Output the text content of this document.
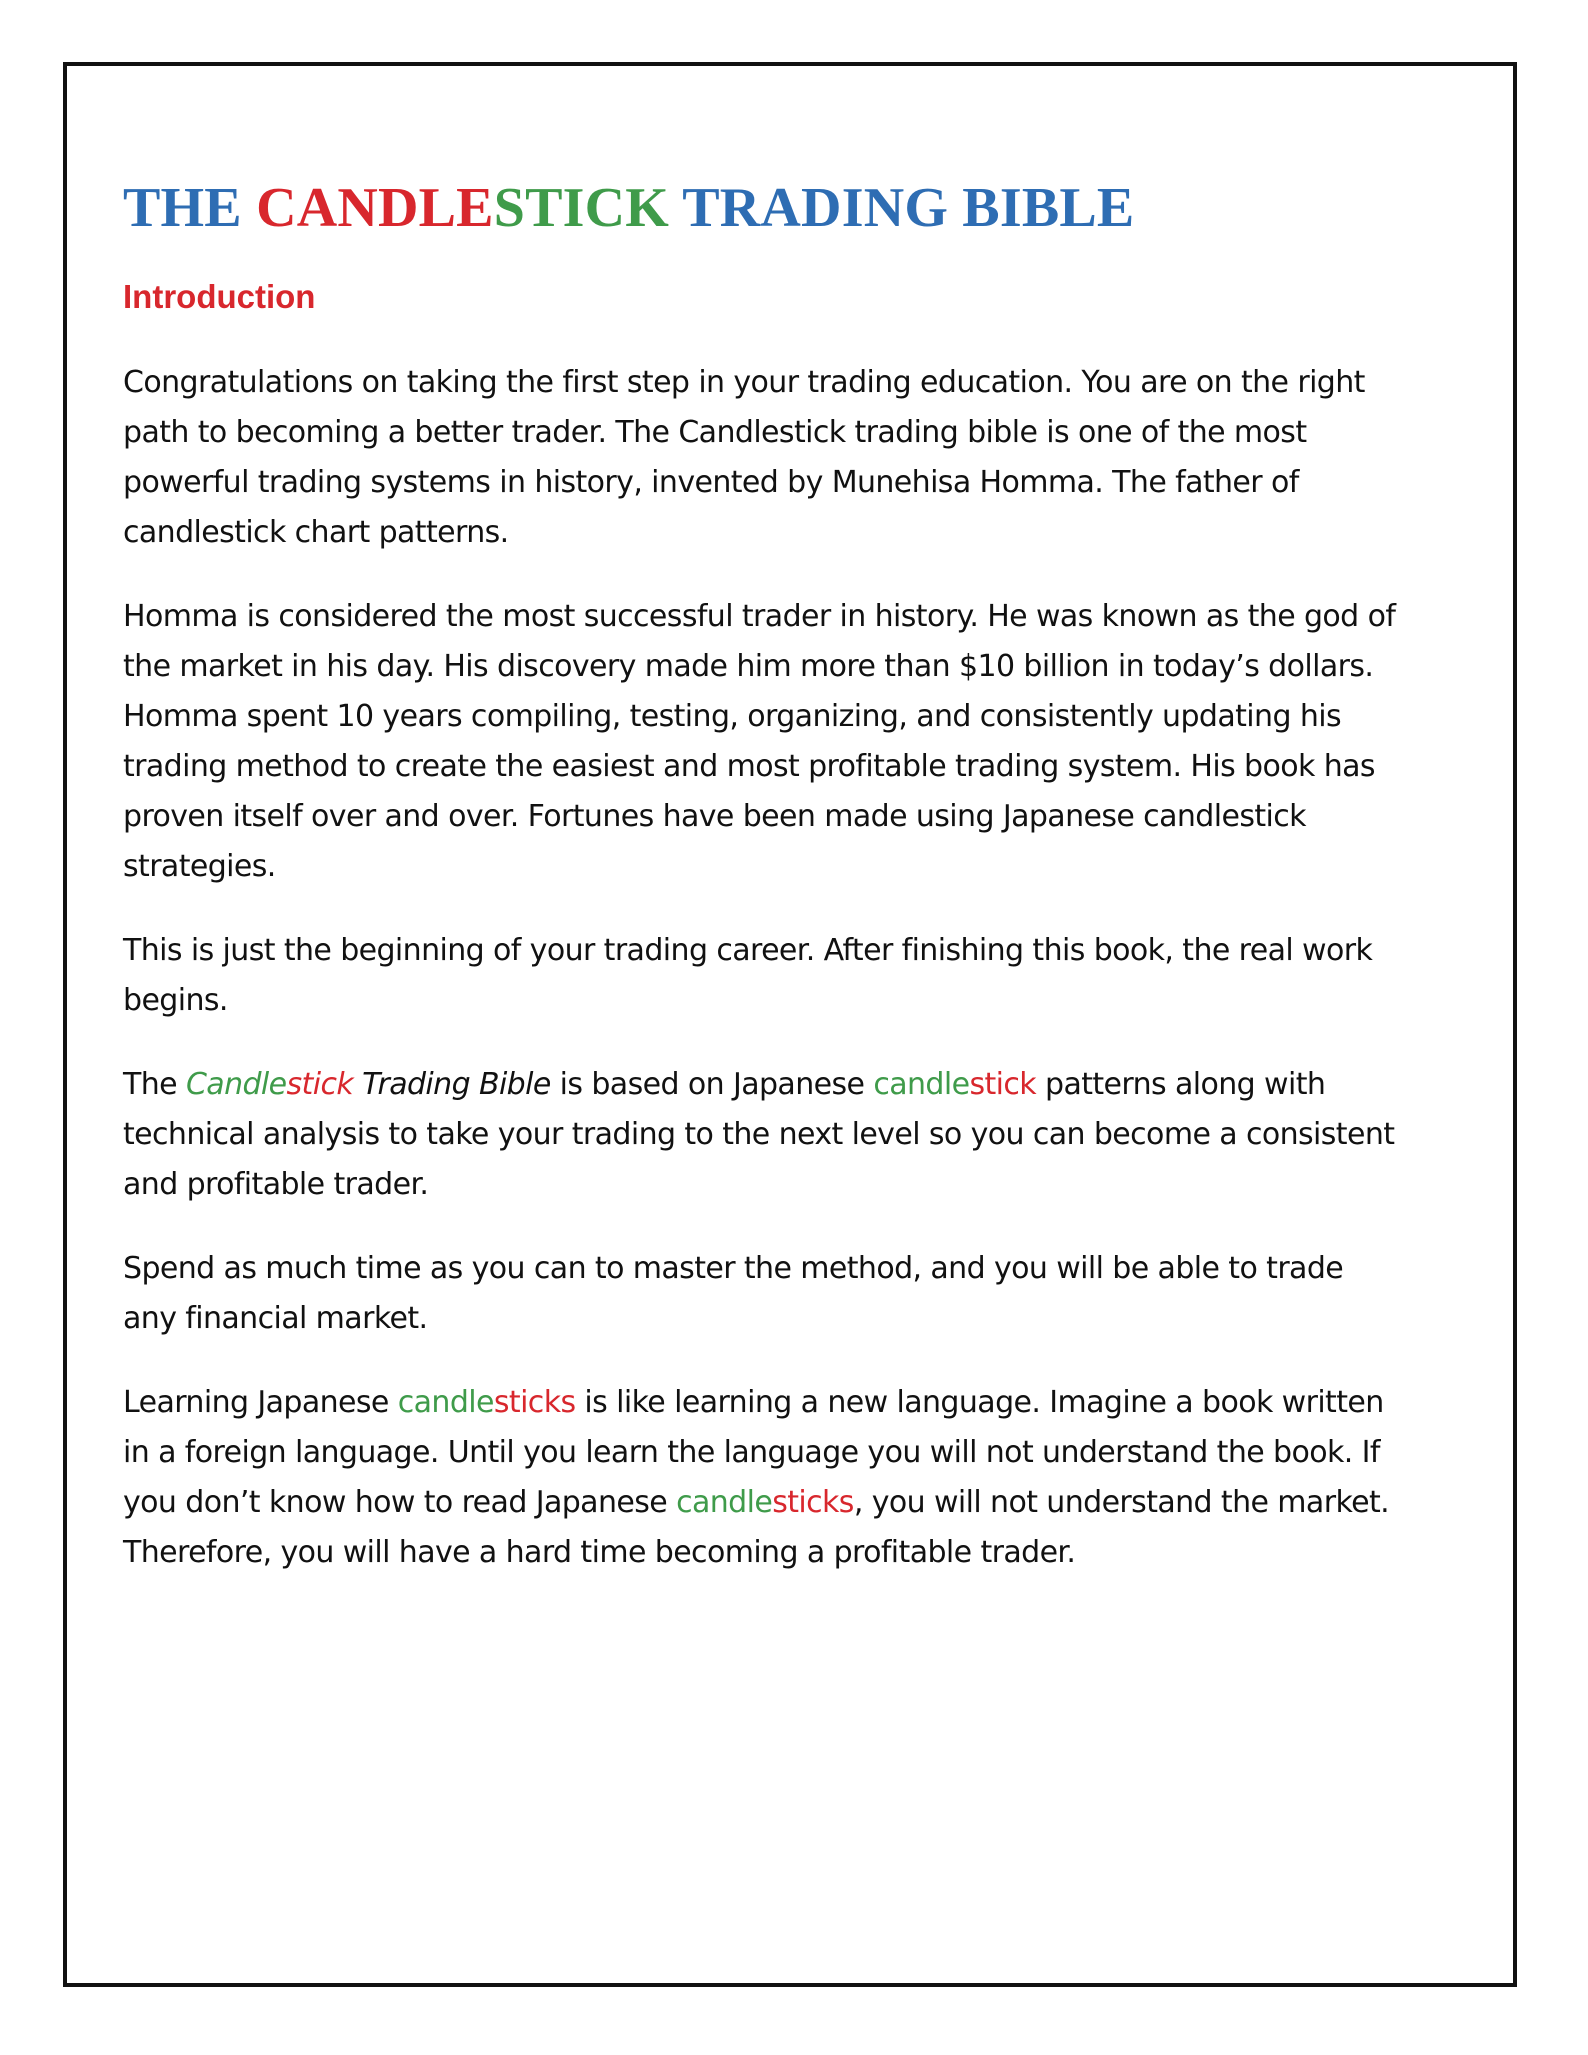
THE CANDLESTICK TRADING BIBLE
Introduction

Congratulations on taking the first step in your trading education. You are on the right path to becoming a better trader. The Candlestick trading bible is one of the most powerful trading systems in history, invented by Munehisa Homma. The father of candlestick chart patterns.

Homma is considered the most successful trader in history. He was known as the god of the market in his day. His discovery made him more than $10 billion in today’s dollars. Homma spent 10 years compiling, testing, organizing, and consistently updating his trading method to create the easiest and most profitable trading system. His book has proven itself over and over. Fortunes have been made using Japanese candlestick strategies.

This is just the beginning of your trading career. After finishing this book, the real work begins.

The Candlestick Trading Bible is based on Japanese candlestick patterns along with technical analysis to take your trading to the next level so you can become a consistent and profitable trader.

Spend as much time as you can to master the method, and you will be able to trade any financial market.

Learning Japanese candlesticks is like learning a new language. Imagine a book written in a foreign language. Until you learn the language you will not understand the book. If you don’t know how to read Japanese candlesticks, you will not understand the market. Therefore, you will have a hard time becoming a profitable trader.
